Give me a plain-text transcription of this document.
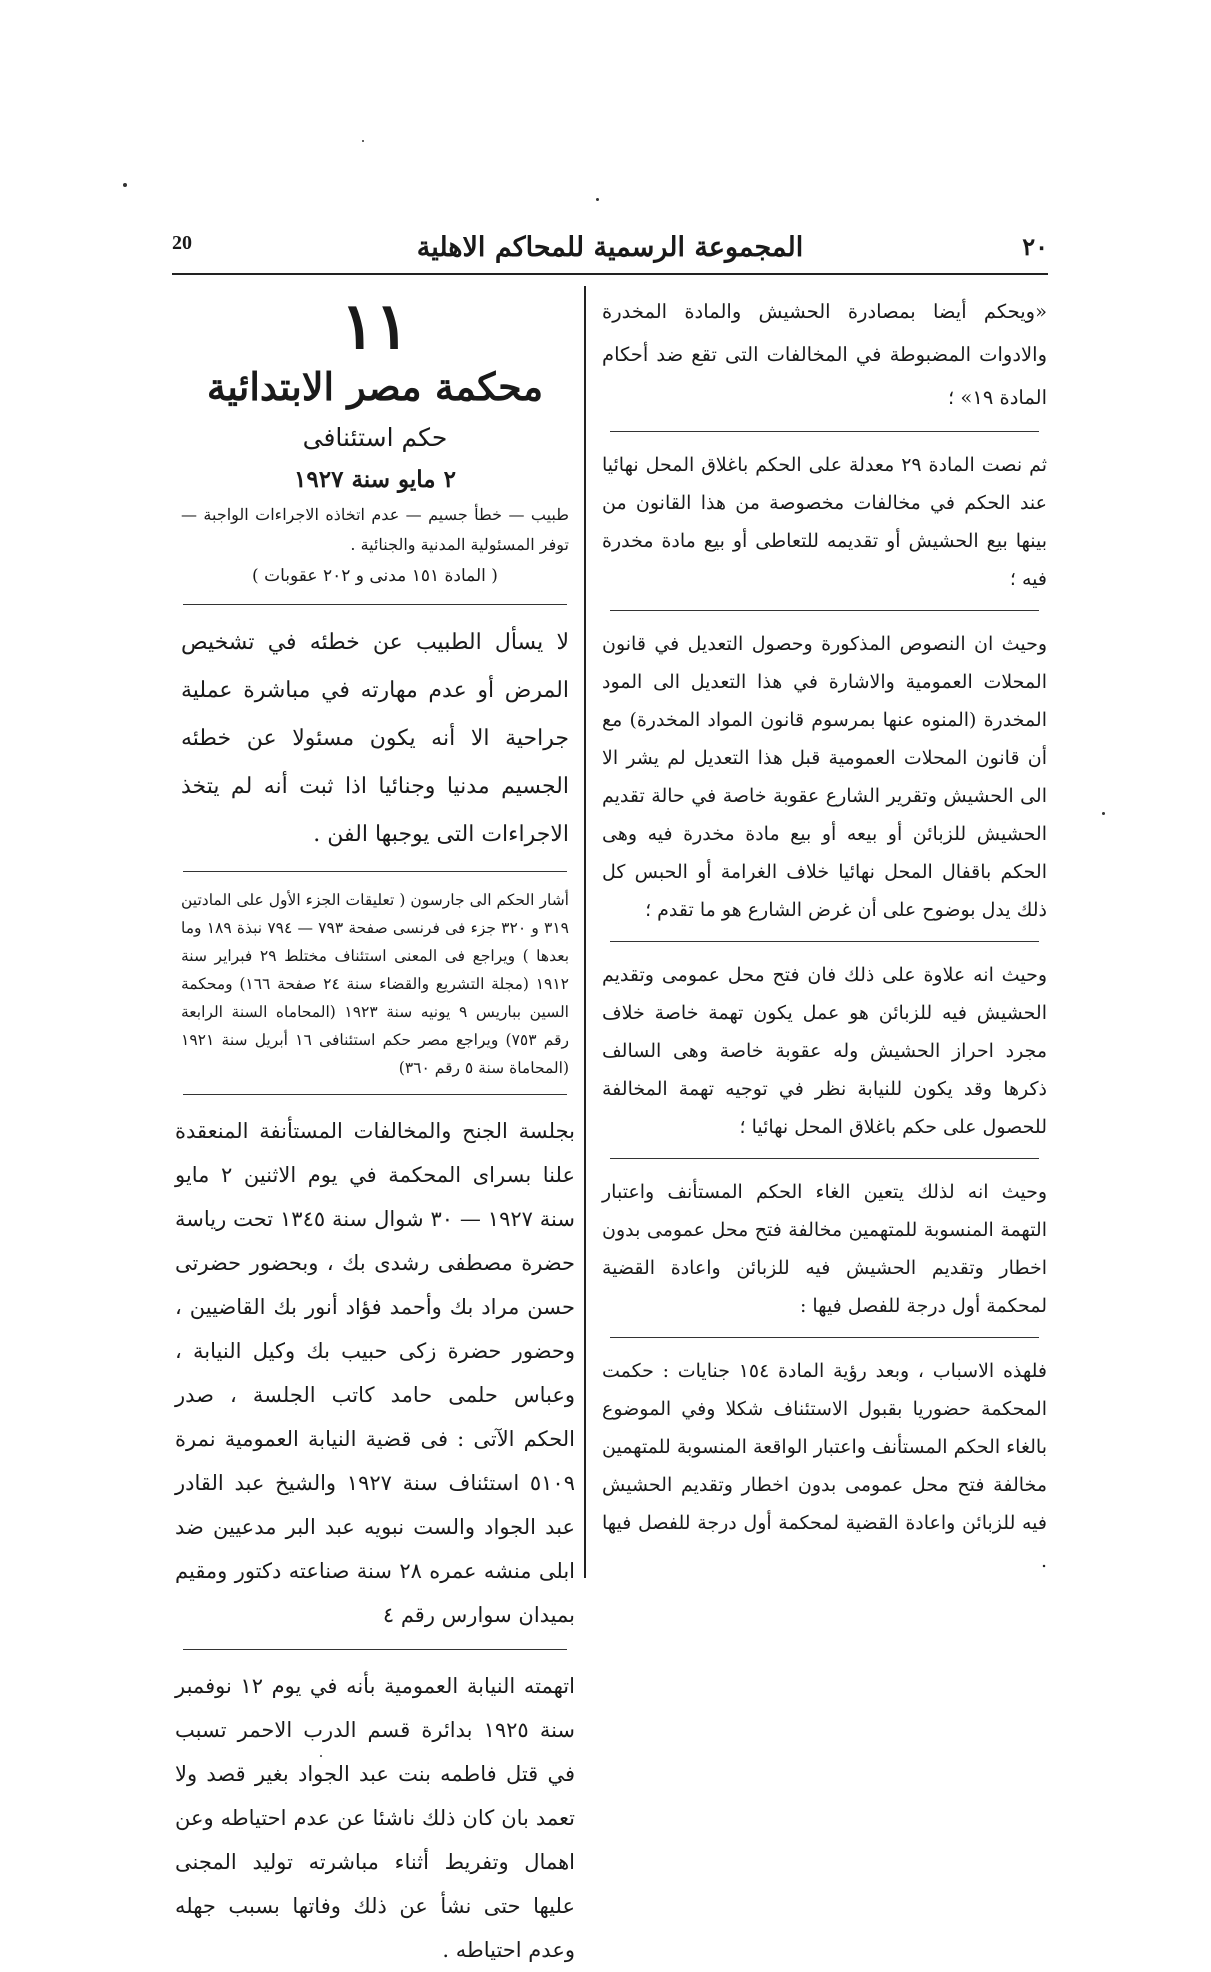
٢٠
المجموعة الرسمية للمحاكم الاهلية
20

«ويحكم أيضا بمصادرة الحشيش والمادة المخدرة والادوات المضبوطة في المخالفات التى تقع ضد أحكام المادة ١٩» ؛

ثم نصت المادة ٢٩ معدلة على الحكم باغلاق المحل نهائيا عند الحكم في مخالفات مخصوصة من هذا القانون من بينها بيع الحشيش أو تقديمه للتعاطى أو بيع مادة مخدرة فيه ؛

وحيث ان النصوص المذكورة وحصول التعديل في قانون المحلات العمومية والاشارة في هذا التعديل الى المود المخدرة (المنوه عنها بمرسوم قانون المواد المخدرة) مع أن قانون المحلات العمومية قبل هذا التعديل لم يشر الا الى الحشيش وتقرير الشارع عقوبة خاصة في حالة تقديم الحشيش للزبائن أو بيعه أو بيع مادة مخدرة فيه وهى الحكم باقفال المحل نهائيا خلاف الغرامة أو الحبس كل ذلك يدل بوضوح على أن غرض الشارع هو ما تقدم ؛

وحيث انه علاوة على ذلك فان فتح محل عمومى وتقديم الحشيش فيه للزبائن هو عمل يكون تهمة خاصة خلاف مجرد احراز الحشيش وله عقوبة خاصة وهى السالف ذكرها وقد يكون للنيابة نظر في توجيه تهمة المخالفة للحصول على حكم باغلاق المحل نهائيا ؛

وحيث انه لذلك يتعين الغاء الحكم المستأنف واعتبار التهمة المنسوبة للمتهمين مخالفة فتح محل عمومى بدون اخطار وتقديم الحشيش فيه للزبائن واعادة القضية لمحكمة أول درجة للفصل فيها :

فلهذه الاسباب ، وبعد رؤية المادة ١٥٤ جنايات : حكمت المحكمة حضوريا بقبول الاستئناف شكلا وفي الموضوع بالغاء الحكم المستأنف واعتبار الواقعة المنسوبة للمتهمين مخالفة فتح محل عمومى بدون اخطار وتقديم الحشيش فيه للزبائن واعادة القضية لمحكمة أول درجة للفصل فيها .

١١
محكمة مصر الابتدائية
حكم استئنافى
٢ مايو سنة ١٩٢٧

طبيب — خطأ جسيم — عدم اتخاذه الاجراءات الواجبة — توفر المسئولية المدنية والجنائية .

( المادة ١٥١ مدنى و ٢٠٢ عقوبات )

لا يسأل الطبيب عن خطئه في تشخيص المرض أو عدم مهارته في مباشرة عملية جراحية الا أنه يكون مسئولا عن خطئه الجسيم مدنيا وجنائيا اذا ثبت أنه لم يتخذ الاجراءات التى يوجبها الفن .

أشار الحكم الى جارسون ( تعليقات الجزء الأول على المادتين ٣١٩ و ٣٢٠ جزء فى فرنسى صفحة ٧٩٣ — ٧٩٤ نبذة ١٨٩ وما بعدها ) ويراجع فى المعنى استئناف مختلط ٢٩ فبراير سنة ١٩١٢ (مجلة التشريع والقضاء سنة ٢٤ صفحة ١٦٦) ومحكمة السين بباريس ٩ يونيه سنة ١٩٢٣ (المحاماه السنة الرابعة رقم ٧٥٣) ويراجع مصر حكم استئنافى ١٦ أبريل سنة ١٩٢١ (المحاماة سنة ٥ رقم ٣٦٠)

بجلسة الجنح والمخالفات المستأنفة المنعقدة علنا بسراى المحكمة في يوم الاثنين ٢ مايو سنة ١٩٢٧ — ٣٠ شوال سنة ١٣٤٥ تحت رياسة حضرة مصطفى رشدى بك ، وبحضور حضرتى حسن مراد بك وأحمد فؤاد أنور بك القاضيين ، وحضور حضرة زكى حبيب بك وكيل النيابة ، وعباس حلمى حامد كاتب الجلسة ، صدر الحكم الآتى : فى قضية النيابة العمومية نمرة ٥١٠٩ استئناف سنة ١٩٢٧ والشيخ عبد القادر عبد الجواد والست نبويه عبد البر مدعيين ضد ابلى منشه عمره ٢٨ سنة صناعته دكتور ومقيم بميدان سوارس رقم ٤

اتهمته النيابة العمومية بأنه في يوم ١٢ نوفمبر سنة ١٩٢٥ بدائرة قسم الدرب الاحمر تسبب في قتل فاطمه بنت عبد الجواد بغير قصد ولا تعمد بان كان ذلك ناشئا عن عدم احتياطه وعن اهمال وتفريط أثناء مباشرته توليد المجنى عليها حتى نشأ عن ذلك وفاتها بسبب جهله وعدم احتياطه .
